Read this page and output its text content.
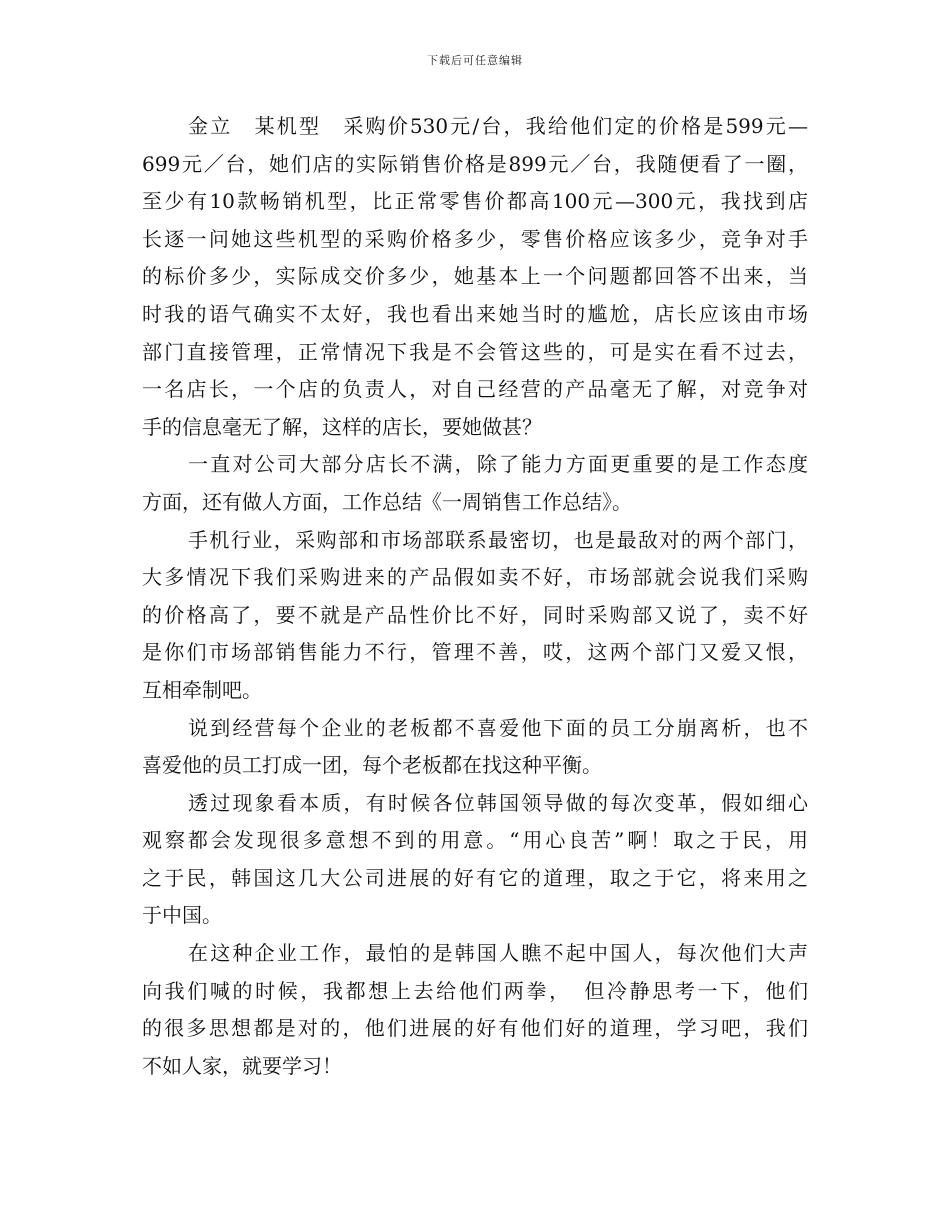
下载后可任意编辑
金立　某机型　采购价530元/台，我给他们定的价格是599元—
699元／台，她们店的实际销售价格是899元／台，我随便看了一圈，
至少有10款畅销机型，比正常零售价都高100元—300元，我找到店
长逐一问她这些机型的采购价格多少，零售价格应该多少，竞争对手
的标价多少，实际成交价多少，她基本上一个问题都回答不出来，当
时我的语气确实不太好，我也看出来她当时的尴尬，店长应该由市场
部门直接管理，正常情况下我是不会管这些的，可是实在看不过去，
一名店长，一个店的负责人，对自己经营的产品毫无了解，对竞争对
手的信息毫无了解，这样的店长，要她做甚？
一直对公司大部分店长不满，除了能力方面更重要的是工作态度
方面，还有做人方面，工作总结《一周销售工作总结》。
手机行业，采购部和市场部联系最密切，也是最敌对的两个部门，
大多情况下我们采购进来的产品假如卖不好，市场部就会说我们采购
的价格高了，要不就是产品性价比不好，同时采购部又说了，卖不好
是你们市场部销售能力不行，管理不善，哎，这两个部门又爱又恨，
互相牵制吧。
说到经营每个企业的老板都不喜爱他下面的员工分崩离析，也不
喜爱他的员工打成一团，每个老板都在找这种平衡。
透过现象看本质，有时候各位韩国领导做的每次变革，假如细心
观察都会发现很多意想不到的用意。“用心良苦”啊！取之于民，用
之于民，韩国这几大公司进展的好有它的道理，取之于它，将来用之
于中国。
在这种企业工作，最怕的是韩国人瞧不起中国人，每次他们大声
向我们喊的时候，我都想上去给他们两拳，　但冷静思考一下，他们
的很多思想都是对的，他们进展的好有他们好的道理，学习吧，我们
不如人家，就要学习！
